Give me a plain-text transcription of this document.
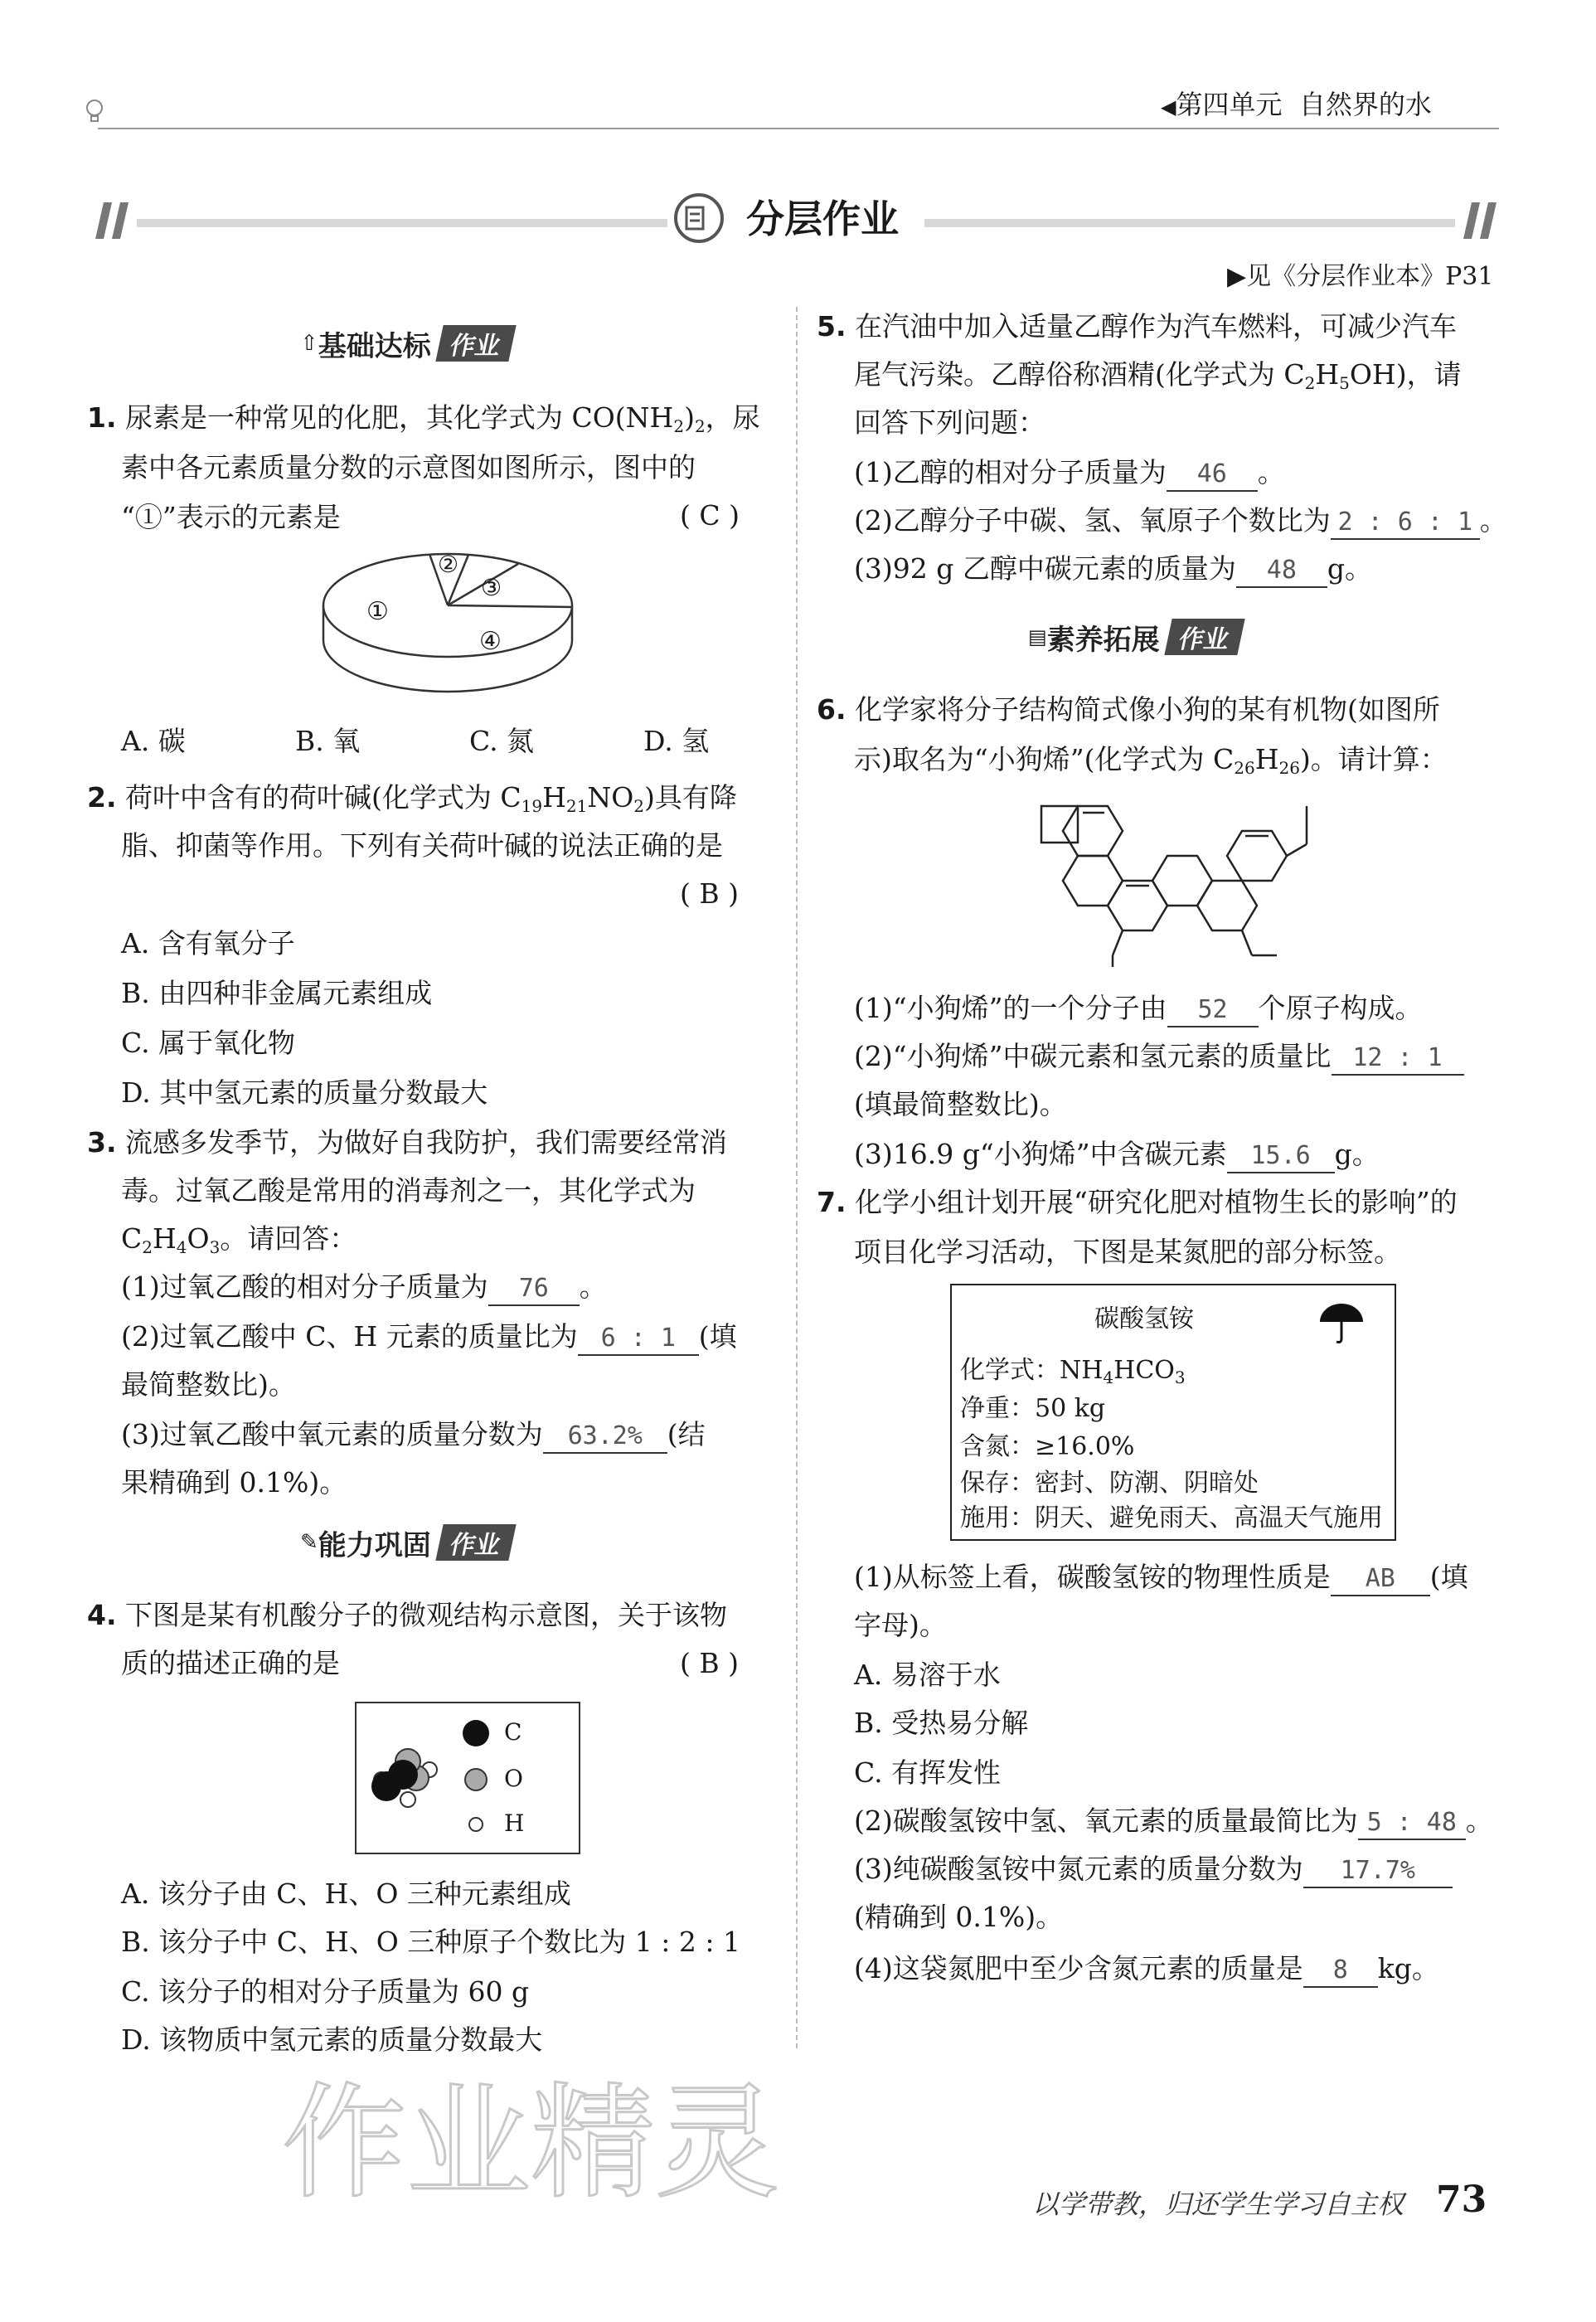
◀第四单元 自然界的水
分层作业
▶见《分层作业本》P31
⇧ 基础达标 作业
1. 尿素是一种常见的化肥，其化学式为 $CO(NH_2)_2$，尿
素中各元素质量分数的示意图如图所示，图中的
“①”表示的元素是	( C )
①
②
③
④
A. 碳	B. 氧	C. 氮	D. 氢
2. 荷叶中含有的荷叶碱(化学式为 $C_{19}H_{21}NO_2$)具有降
脂、抑菌等作用。下列有关荷叶碱的说法正确的是
( B )
A. 含有氧分子
B. 由四种非金属元素组成
C. 属于氧化物
D. 其中氢元素的质量分数最大
3. 流感多发季节，为做好自我防护，我们需要经常消
毒。过氧乙酸是常用的消毒剂之一，其化学式为
$C_2H_4O_3$。请回答：
(1)过氧乙酸的相对分子质量为 76 。
(2)过氧乙酸中 C、H 元素的质量比为 6 : 1 (填
最简整数比)。
(3)过氧乙酸中氧元素的质量分数为 63.2% (结
果精确到 0.1%)。
✎ 能力巩固 作业
4. 下图是某有机酸分子的微观结构示意图，关于该物
质的描述正确的是	( B )
C
O
H
A. 该分子由 C、H、O 三种元素组成
B. 该分子中 C、H、O 三种原子个数比为 1 : 2 : 1
C. 该分子的相对分子质量为 60 g
D. 该物质中氢元素的质量分数最大
5. 在汽油中加入适量乙醇作为汽车燃料，可减少汽车
尾气污染。乙醇俗称酒精(化学式为 $C_2H_5OH$)，请
回答下列问题：
(1)乙醇的相对分子质量为 46 。
(2)乙醇分子中碳、氢、氧原子个数比为 2 : 6 : 1 。
(3)92 g 乙醇中碳元素的质量为 48 g。
▤ 素养拓展 作业
6. 化学家将分子结构简式像小狗的某有机物(如图所
示)取名为“小狗烯”(化学式为 $C_{26}H_{26}$)。请计算：
(1)“小狗烯”的一个分子由 52 个原子构成。
(2)“小狗烯”中碳元素和氢元素的质量比 12 : 1
(填最简整数比)。
(3)16.9 g“小狗烯”中含碳元素 15.6 g。
7. 化学小组计划开展“研究化肥对植物生长的影响”的
项目化学习活动，下图是某氮肥的部分标签。
碳酸氢铵
化学式：$NH_4HCO_3$
净重：50 kg
含氮：≥16.0%
保存：密封、防潮、阴暗处
施用：阴天、避免雨天、高温天气施用
(1)从标签上看，碳酸氢铵的物理性质是 AB (填
字母)。
A. 易溶于水
B. 受热易分解
C. 有挥发性
(2)碳酸氢铵中氢、氧元素的质量最简比为 5 : 48 。
(3)纯碳酸氢铵中氮元素的质量分数为 17.7%
(精确到 0.1%)。
(4)这袋氮肥中至少含氮元素的质量是 8 kg。
作业精灵	以学带教，归还学生学习自主权 73
